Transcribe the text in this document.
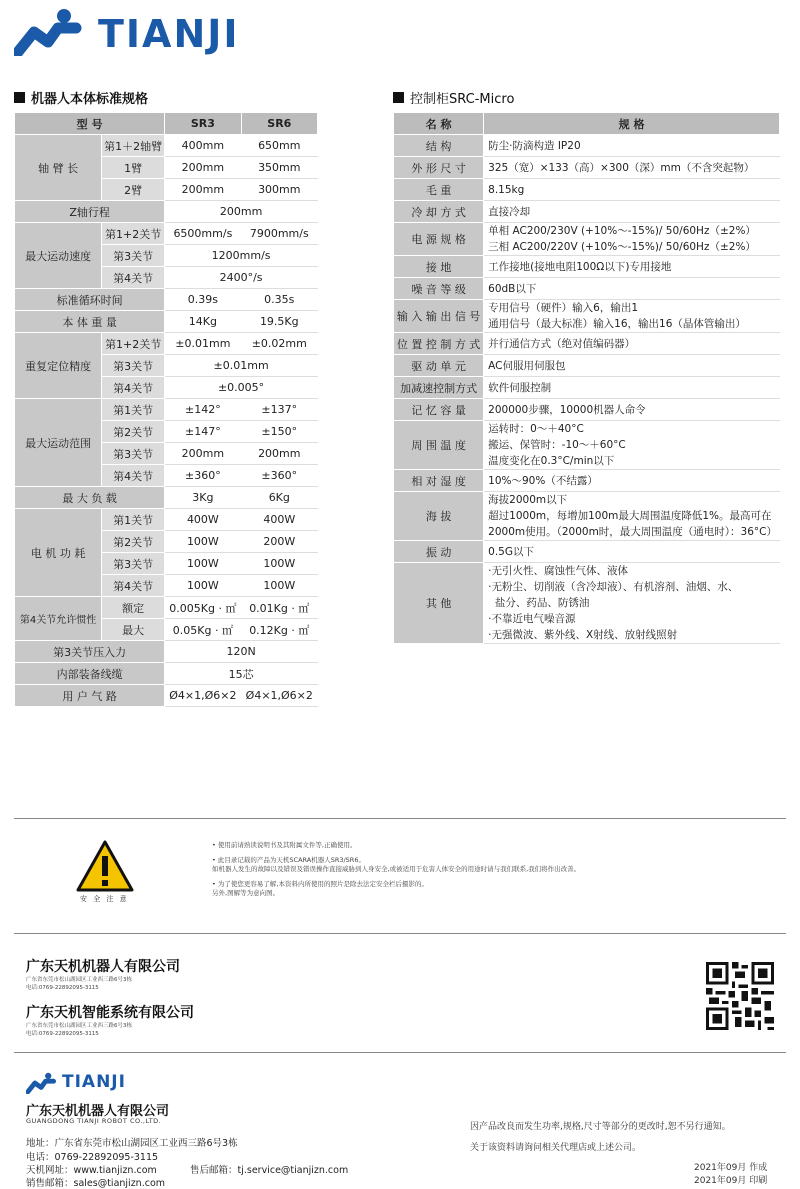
TIANJI
机器人本体标准规格	控制柜SRC-Micro
型 号		SR3	SR6
轴 臂 长	第1＋2轴臂	400mm	650mm
	1臂	200mm	350mm
	2臂	200mm	300mm
Z轴行程		200mm	
最大运动速度	第1+2关节	6500mm/s	7900mm/s
	第3关节	1200mm/s	
	第4关节	2400°/s	
标准循环时间		0.39s	0.35s
本 体 重 量		14Kg	19.5Kg
重复定位精度	第1+2关节	±0.01mm	±0.02mm
	第3关节	±0.01mm	
	第4关节	±0.005°	
最大运动范围	第1关节	±142°	±137°
	第2关节	±147°	±150°
	第3关节	200mm	200mm
	第4关节	±360°	±360°
最 大 负 载		3Kg	6Kg
电 机 功 耗	第1关节	400W	400W
	第2关节	100W	200W
	第3关节	100W	100W
	第4关节	100W	100W
第4关节允许惯性	额定	0.005Kg · ㎡	0.01Kg · ㎡
	最大	0.05Kg · ㎡	0.12Kg · ㎡
第3关节压入力		120N	
内部装备线缆		15芯	
用 户 气 路		Ø4×1,Ø6×2	Ø4×1,Ø6×2
名 称	规 格
结 构	防尘·防滴构造 IP20

外 形 尺 寸	325（宽）×133（高）×300（深）mm（不含突起物）

毛 重	8.15kg

冷 却 方 式	直接冷却

电 源 规 格	单相 AC200/230V (+10%～-15%)/ 50/60Hz（±2%）
三相 AC200/220V (+10%～-15%)/ 50/60Hz（±2%）

接 地	工作接地(接地电阻100Ω以下)专用接地

噪 音 等 级	60dB以下

输 入 输 出 信 号	专用信号（硬件）输入6，输出1
通用信号（最大标准）输入16，输出16（晶体管输出）

位 置 控 制 方 式	并行通信方式（绝对值编码器）

驱 动 单 元	AC伺服用伺服包

加减速控制方式	软件伺服控制

记 忆 容 量	200000步骤，10000机器人命令

周 围 温 度	运转时：0～＋40°C
搬运、保管时：-10～＋60°C
温度变化在0.3°C/min以下

相 对 湿 度	10%～90%（不结露）

海 拔	海拔2000m以下
超过1000m，每增加100m最大周围温度降低1%。最高可在
2000m使用。（2000m时，最大周围温度（通电时）：36°C）

振 动	0.5G以下

其 他	·无引火性、腐蚀性气体、液体
·无粉尘、切削液（含冷却液）、有机溶剂、油烟、水、
盐分、药品、防锈油
·不靠近电气噪音源
·无强微波、紫外线、X射线、放射线照射
安 全 注 意
• 使用前请熟读说明书及其附属文件等,正确使用。
• 此目录记载的产品为天机SCARA机器人SR3/SR6。
如机器人发生的故障以及错误及错误操作直接威胁到人身安全,或被适用于危害人体安全的用途时请与我们联系,我们将作出改善。
• 为了使您更容易了解,本资料内所使用的照片是除去法定安全栏后摄影的。
另外,图解等为意向图。
广东天机机器人有限公司
广东省东莞市松山湖园区工业西三路6号3栋
电话:0769-22892095-3115
广东天机智能系统有限公司
广东省东莞市松山湖园区工业西三路6号3栋
电话:0769-22892095-3115
TIANJI
广东天机机器人有限公司
GUANGDONG TIANJI ROBOT CO.,LTD.
地址：广东省东莞市松山湖园区工业西三路6号3栋
电话：0769-22892095-3115
天机网址：www.tianjizn.com	售后邮箱：tj.service@tianjizn.com
销售邮箱：sales@tianjizn.com
因产品改良而发生功率,规格,尺寸等部分的更改时,恕不另行通知。
关于该资料请询问相关代理店或上述公司。
2021年09月 作成
2021年09月 印刷
